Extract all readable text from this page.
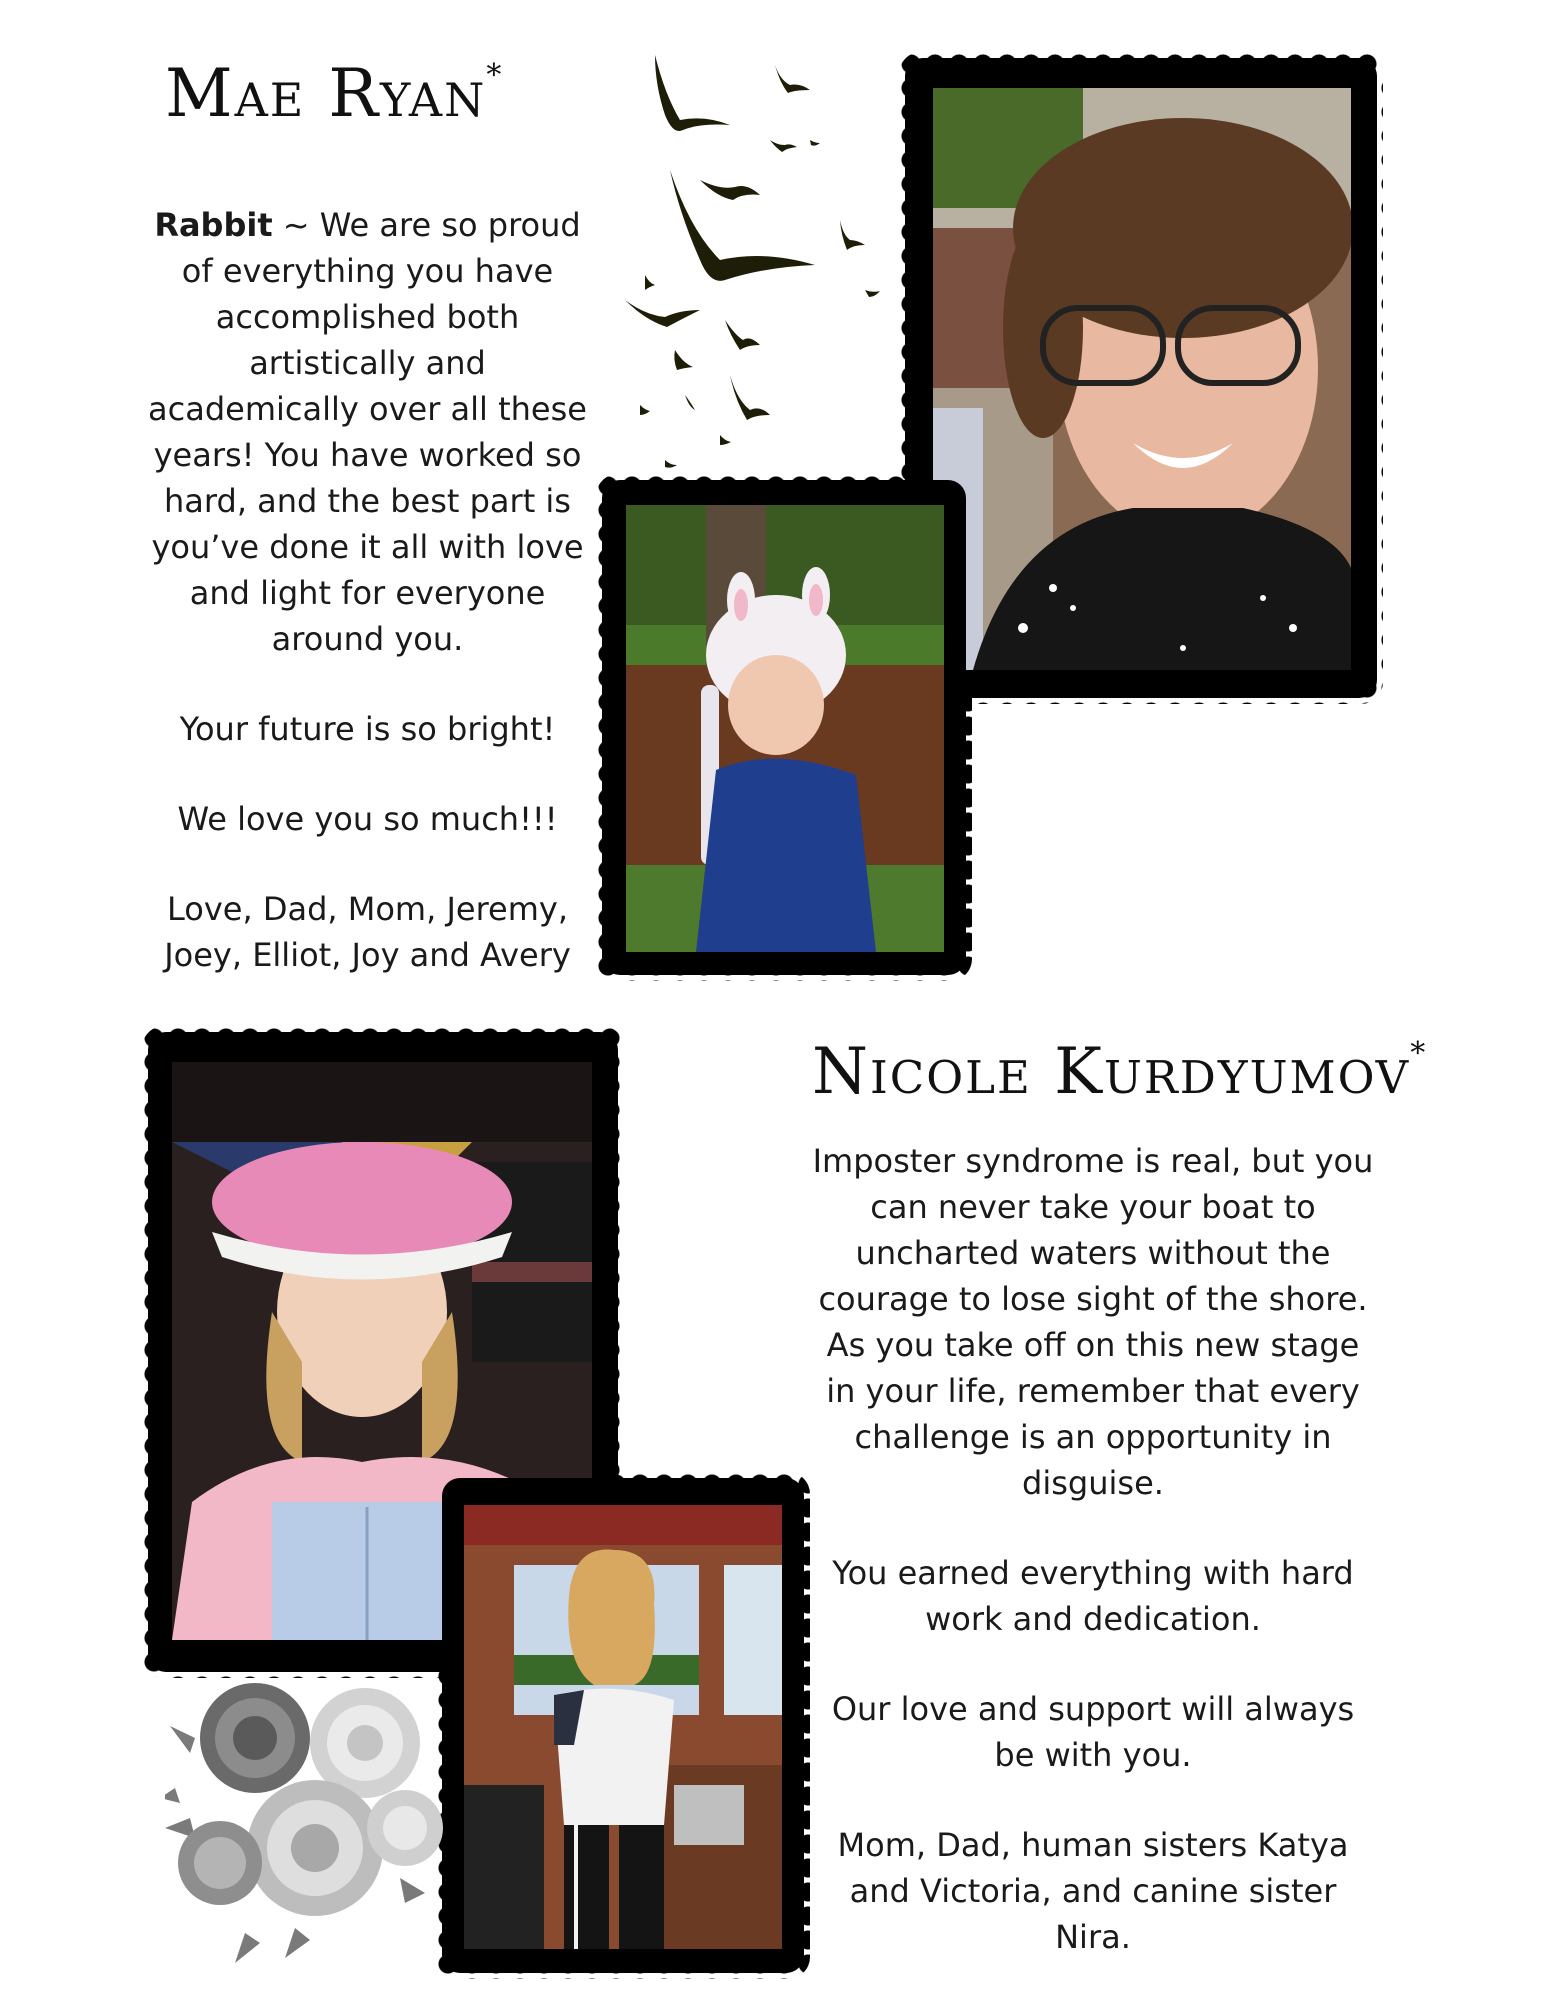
Mae Ryan*

Rabbit ~ We are so proud of everything you have accomplished both artistically and academically over all these years! You have worked so hard, and the best part is you’ve done it all with love and light for everyone around you.

Your future is so bright!

We love you so much!!!

Love, Dad, Mom, Jeremy, Joey, Elliot, Joy and Avery

Nicole Kurdyumov*

Imposter syndrome is real, but you can never take your boat to uncharted waters without the courage to lose sight of the shore. As you take off on this new stage in your life, remember that every challenge is an opportunity in disguise.

You earned everything with hard work and dedication.

Our love and support will always be with you.

Mom, Dad, human sisters Katya and Victoria, and canine sister Nira.
